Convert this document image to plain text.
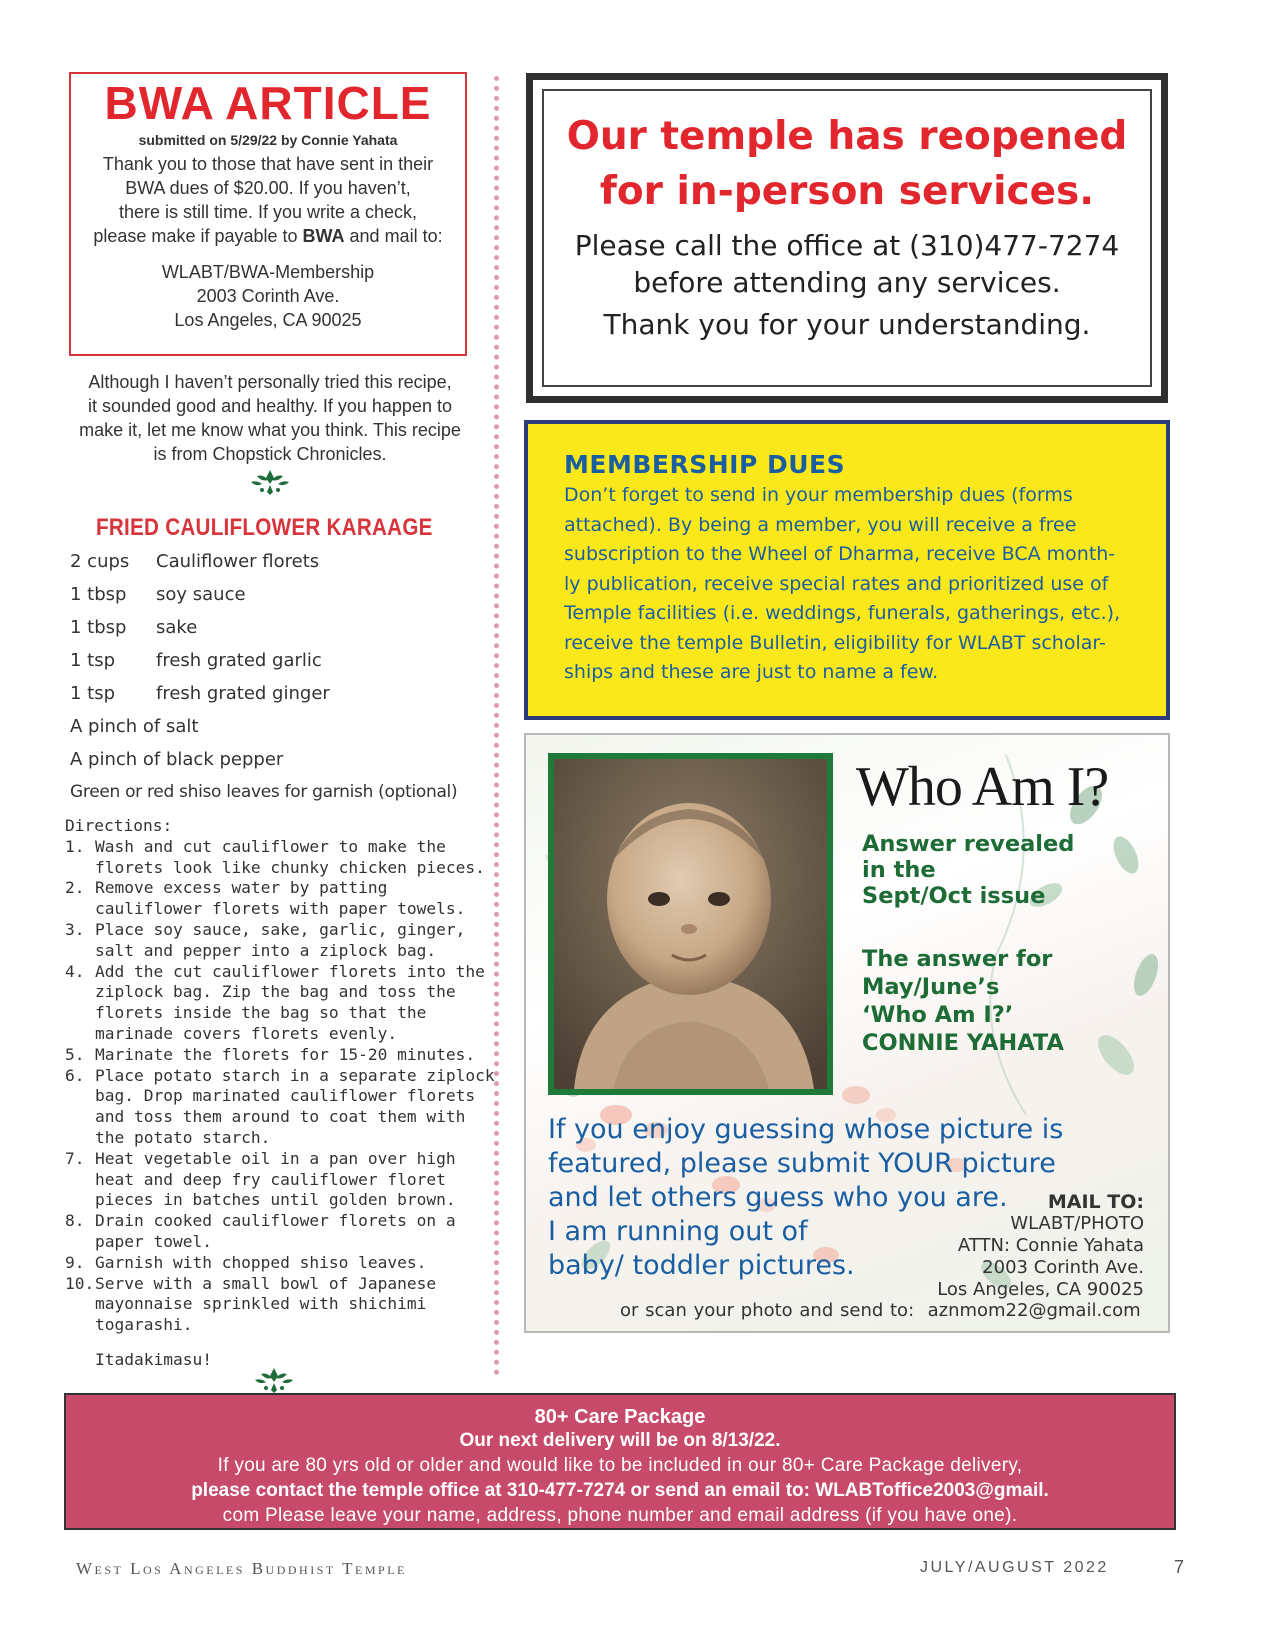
BWA ARTICLE
submitted on 5/29/22 by Connie Yahata
Thank you to those that have sent in their
BWA dues of $20.00. If you haven’t,
there is still time. If you write a check,
please make if payable to BWA and mail to:
WLABT/BWA-Membership
2003 Corinth Ave.
Los Angeles, CA 90025
Although I haven’t personally tried this recipe,
it sounded good and healthy. If you happen to
make it, let me know what you think. This recipe
is from Chopstick Chronicles.
FRIED CAULIFLOWER KARAAGE
2 cups Cauliflower florets
1 tbsp soy sauce
1 tbsp sake
1 tsp fresh grated garlic
1 tsp fresh grated ginger
A pinch of salt
A pinch of black pepper
Green or red shiso leaves for garnish (optional)
Directions:
1. Wash and cut cauliflower to make the florets look like chunky chicken pieces.
2. Remove excess water by patting cauliflower florets with paper towels.
3. Place soy sauce, sake, garlic, ginger, salt and pepper into a ziplock bag.
4. Add the cut cauliflower florets into the ziplock bag. Zip the bag and toss the florets inside the bag so that the marinade covers florets evenly.
5. Marinate the florets for 15-20 minutes.
6. Place potato starch in a separate ziplock bag. Drop marinated cauliflower florets and toss them around to coat them with the potato starch.
7. Heat vegetable oil in a pan over high heat and deep fry cauliflower floret pieces in batches until golden brown.
8. Drain cooked cauliflower florets on a paper towel.
9. Garnish with chopped shiso leaves.
10. Serve with a small bowl of Japanese mayonnaise sprinkled with shichimi togarashi.
Itadakimasu!
Our temple has reopened
for in-person services.
Please call the office at (310)477-7274
before attending any services.
Thank you for your understanding.
MEMBERSHIP DUES
Don’t forget to send in your membership dues (forms
attached). By being a member, you will receive a free
subscription to the Wheel of Dharma, receive BCA month-
ly publication, receive special rates and prioritized use of
Temple facilities (i.e. weddings, funerals, gatherings, etc.),
receive the temple Bulletin, eligibility for WLABT scholar-
ships and these are just to name a few.
Who Am I?
Answer revealed
in the
Sept/Oct issue
The answer for
May/June’s
‘Who Am I?’
CONNIE YAHATA
If you enjoy guessing whose picture is
featured, please submit YOUR picture
and let others guess who you are.
I am running out of
baby/ toddler pictures.
MAIL TO:
WLABT/PHOTO
ATTN: Connie Yahata
2003 Corinth Ave.
Los Angeles, CA 90025
or scan your photo and send to: aznmom22@gmail.com
80+ Care Package
Our next delivery will be on 8/13/22.
If you are 80 yrs old or older and would like to be included in our 80+ Care Package delivery,
please contact the temple office at 310-477-7274 or send an email to: WLABToffice2003@gmail.
com Please leave your name, address, phone number and email address (if you have one).
West Los Angeles Buddhist Temple	JULY/AUGUST 2022	7
